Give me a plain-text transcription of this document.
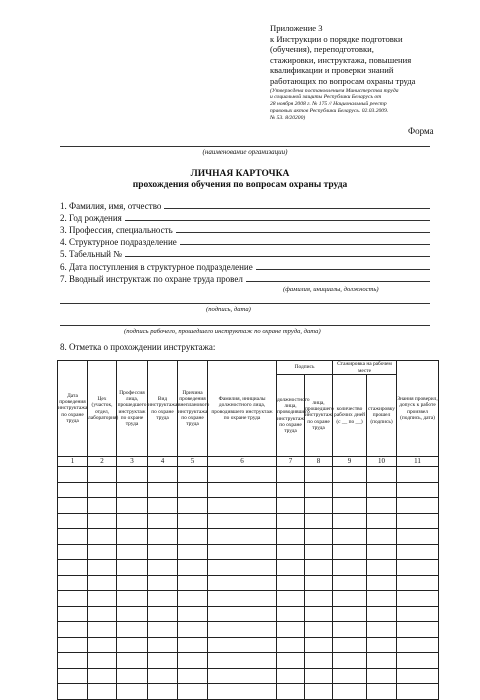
Приложение 3
к Инструкции о порядке подготовки
(обучения), переподготовки,
стажировки, инструктажа, повышения
квалификации и проверки знаний
работающих по вопросам охраны труда
(Утверждена постановлением Министерства труда
и социальной защиты Республики Беларусь от
28 ноября 2008 г. № 175 // Национальный реестр
правовых актов Республики Беларусь. 02.03.2009.
№ 53. 8/20200)
Форма
(наименование организации)
ЛИЧНАЯ КАРТОЧКА
прохождения обучения по вопросам охраны труда
1. Фамилия, имя, отчество
2. Год рождения
3. Профессия, специальность
4. Структурное подразделение
5. Табельный №
6. Дата поступления в структурное подразделение
7. Вводный инструктаж по охране труда провел
(фамилия, инициалы, должность)
(подпись, дата)
(подпись рабочего, прошедшего инструктаж по охране труда, дата)
8. Отметка о прохождении инструктажа:
Дата проведения инструктажа по охране труда	Цех (участок, отдел, лаборатория)	Профессия лица, прошедшего инструктаж по охране труда	Вид инструктажа по охране труда	Причина проведения внепланового инструктажа по охране труда	Фамилия, инициалы должностного лица, проводившего инструктаж по охране труда	Подпись		Стажировка на рабочем месте		Знания проверил, допуск к работе произвел (подпись, дата)
						должностного лица, проводившего инструктаж по охране труда	лица, прошедшего инструктаж по охране труда	количество рабочих дней (с __ по __)	стажировку прошел (подпись)	
1	2	3	4	5	6	7	8	9	10	11
